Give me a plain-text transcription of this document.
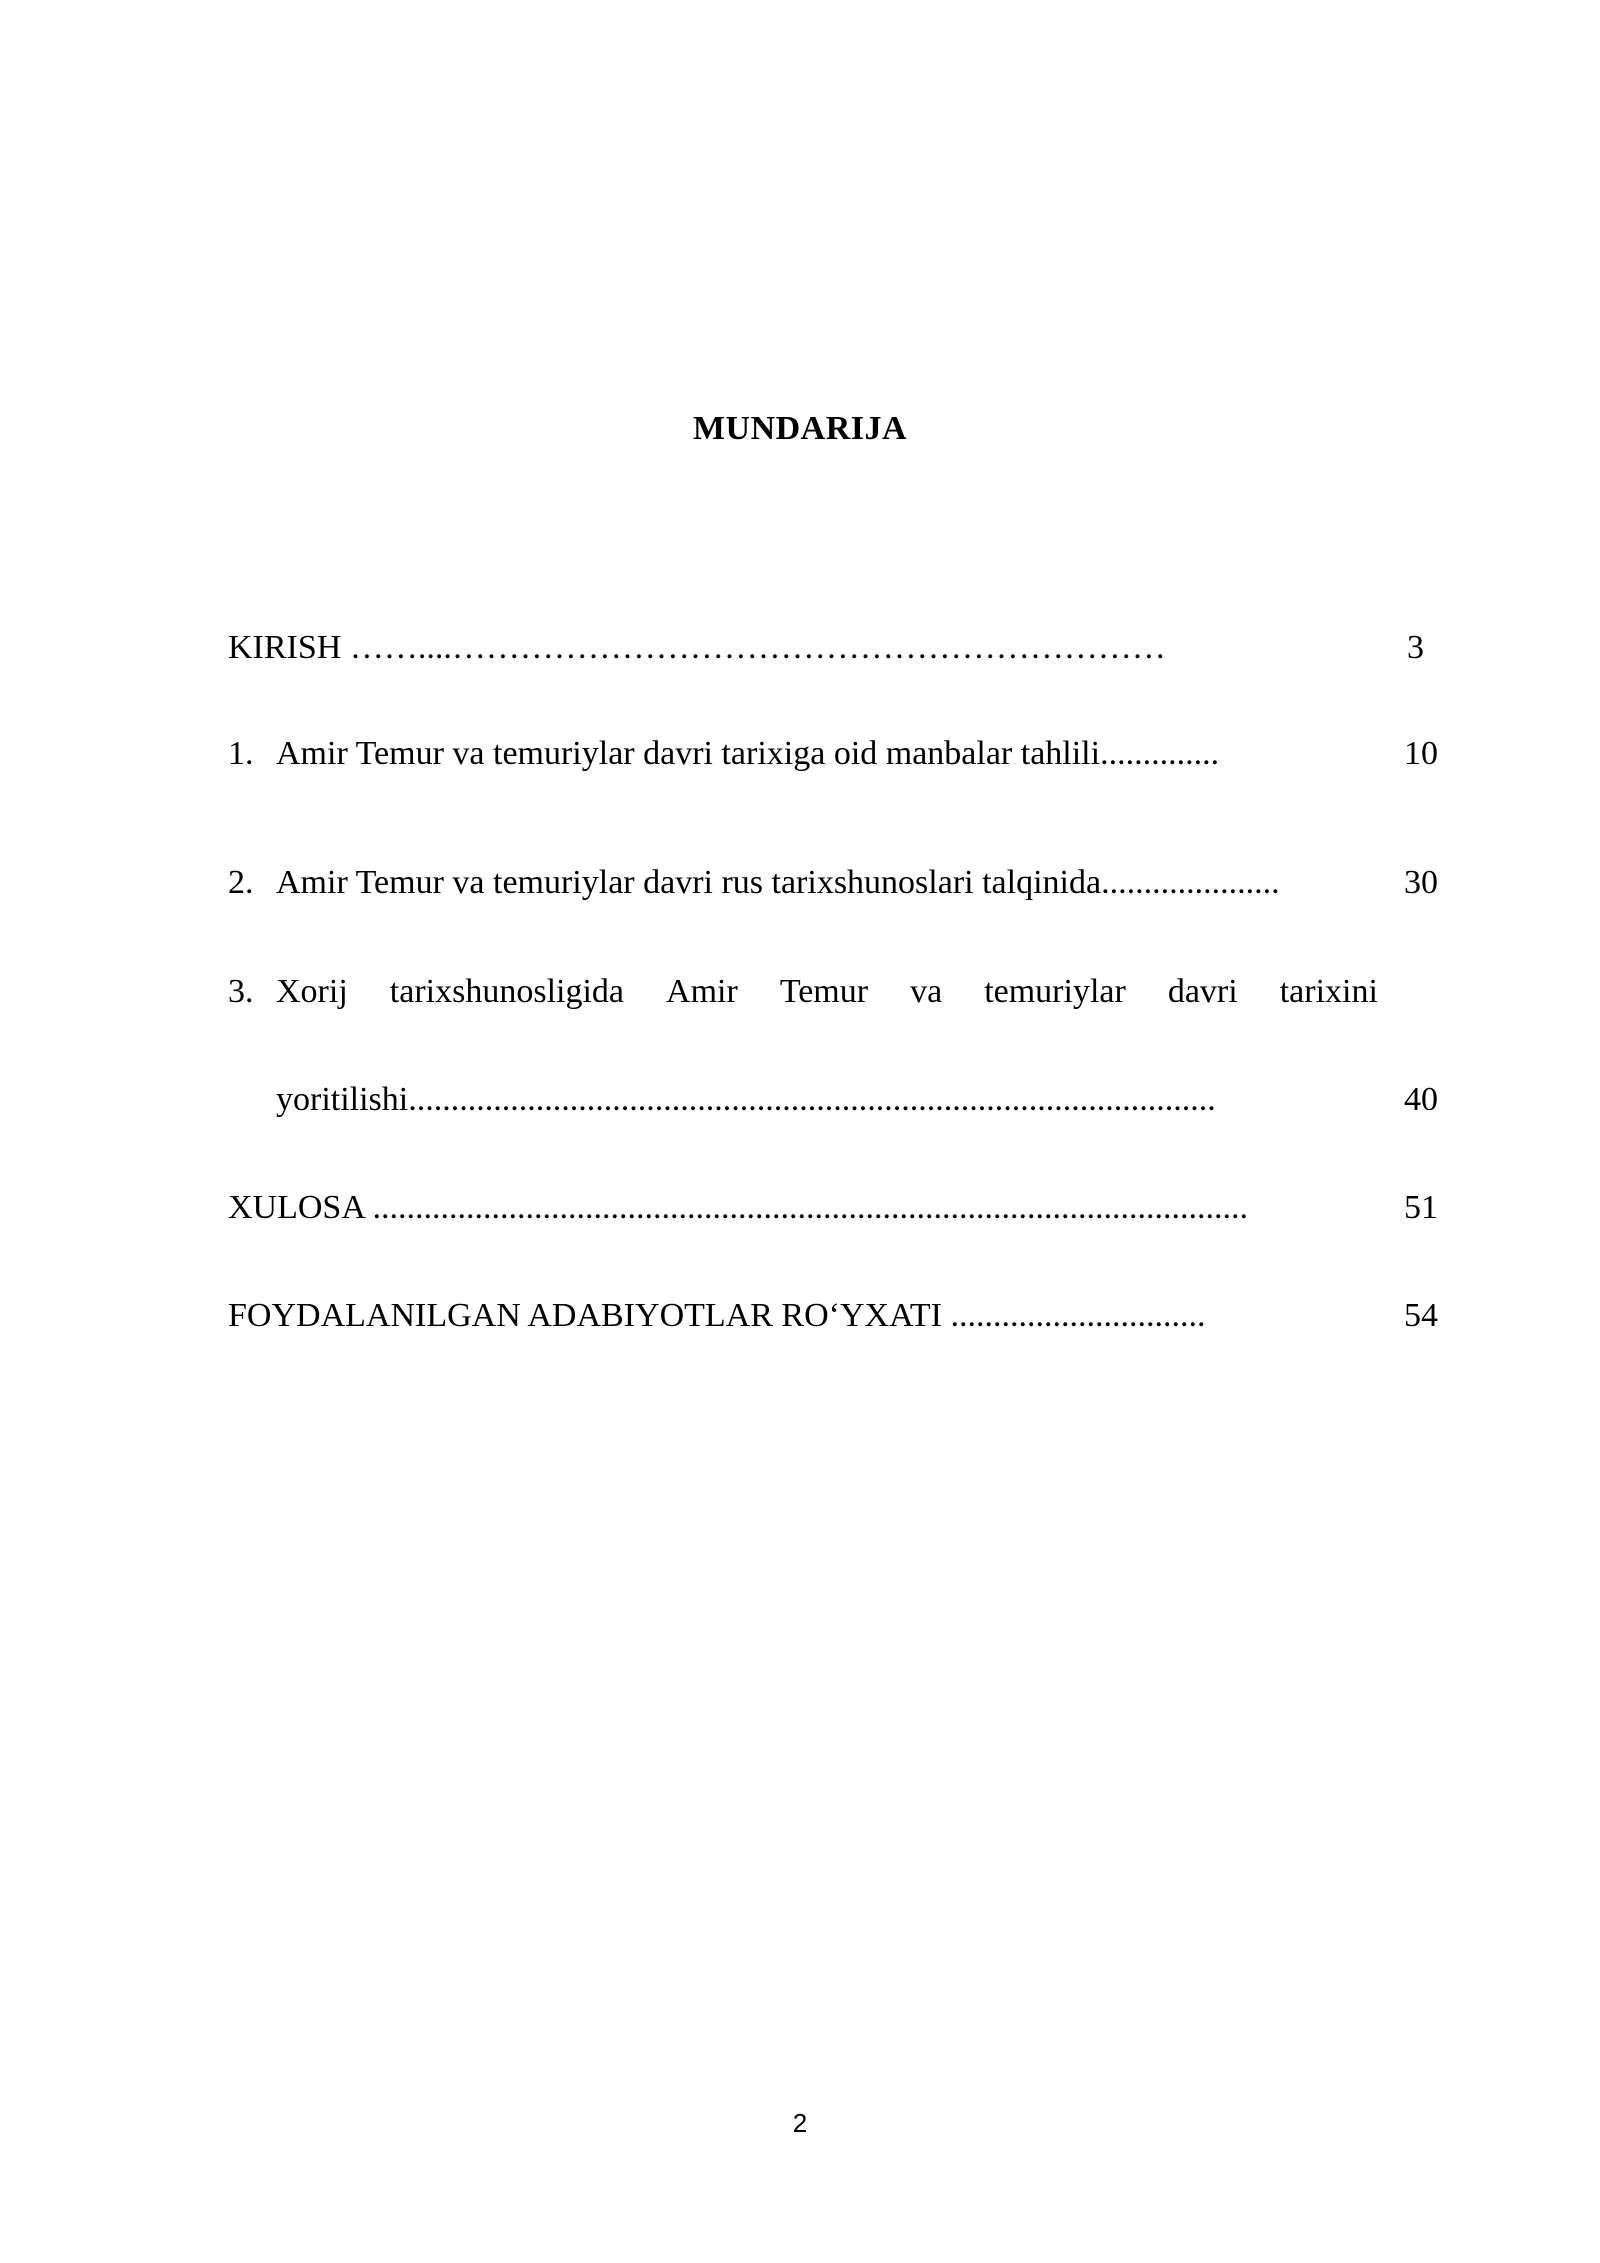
MUNDARIJA
KIRISH ……....………………………………………………………	3
1. Amir Temur va temuriylar davri tarixiga oid manbalar tahlili..............	10
2. Amir Temur va temuriylar davri rus tarixshunoslari talqinida.....................	30
3. Xorij tarixshunosligida Amir Temur va temuriylar davri tarixini
yoritilishi...............................................................................................	40
XULOSA .......................................................................................................	51
FOYDALANILGAN ADABIYOTLAR RO‘YXATI ..............................	54
2
